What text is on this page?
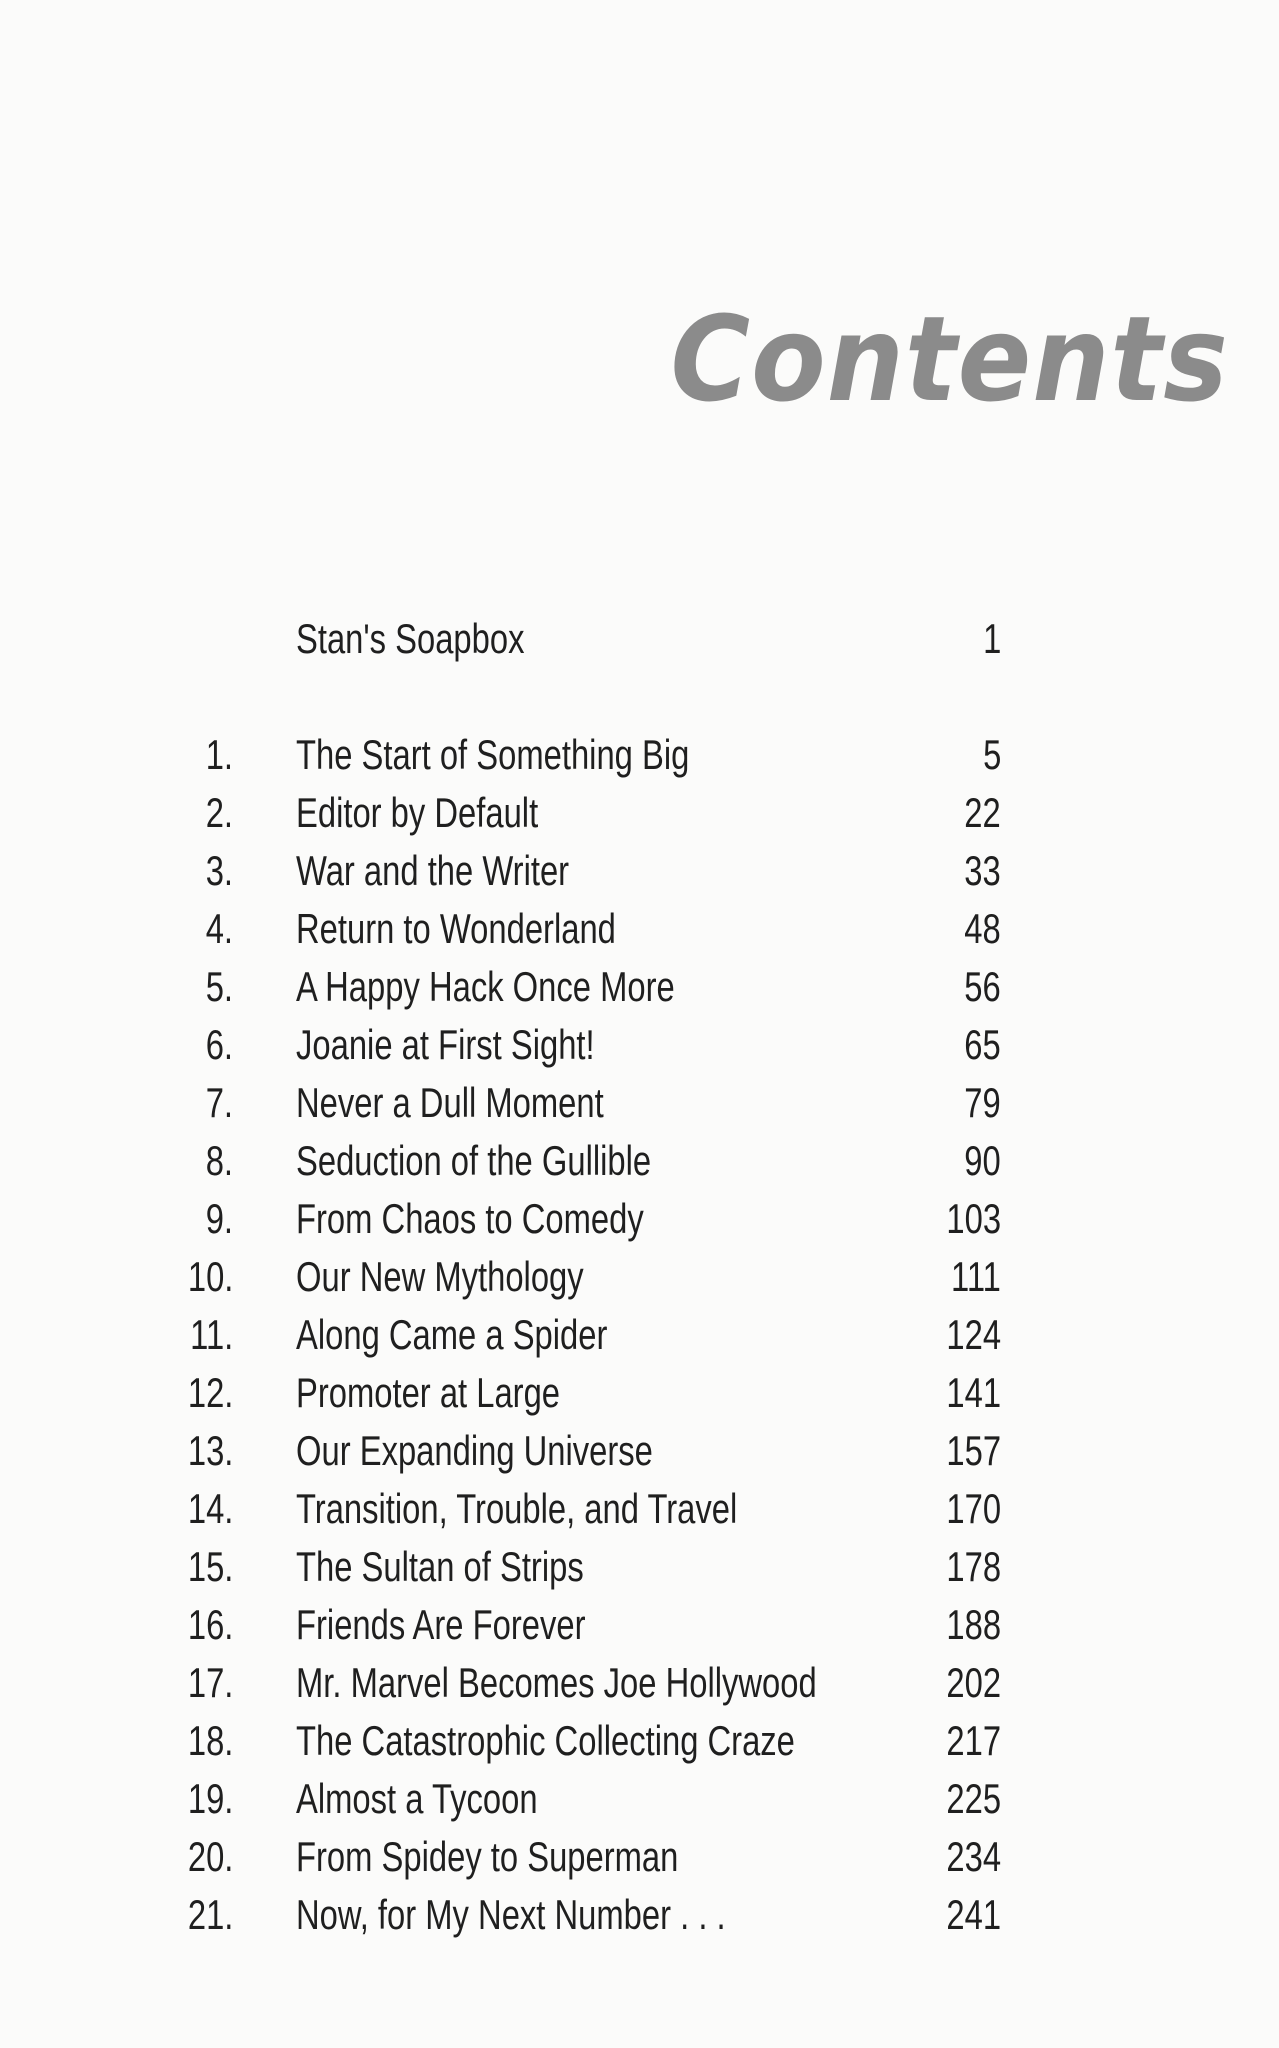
Contents
Stan's Soapbox	1
1. The Start of Something Big	5
2. Editor by Default	22
3. War and the Writer	33
4. Return to Wonderland	48
5. A Happy Hack Once More	56
6. Joanie at First Sight!	65
7. Never a Dull Moment	79
8. Seduction of the Gullible	90
9. From Chaos to Comedy	103
10. Our New Mythology	111
11. Along Came a Spider	124
12. Promoter at Large	141
13. Our Expanding Universe	157
14. Transition, Trouble, and Travel	170
15. The Sultan of Strips	178
16. Friends Are Forever	188
17. Mr. Marvel Becomes Joe Hollywood	202
18. The Catastrophic Collecting Craze	217
19. Almost a Tycoon	225
20. From Spidey to Superman	234
21. Now, for My Next Number . . .	241
